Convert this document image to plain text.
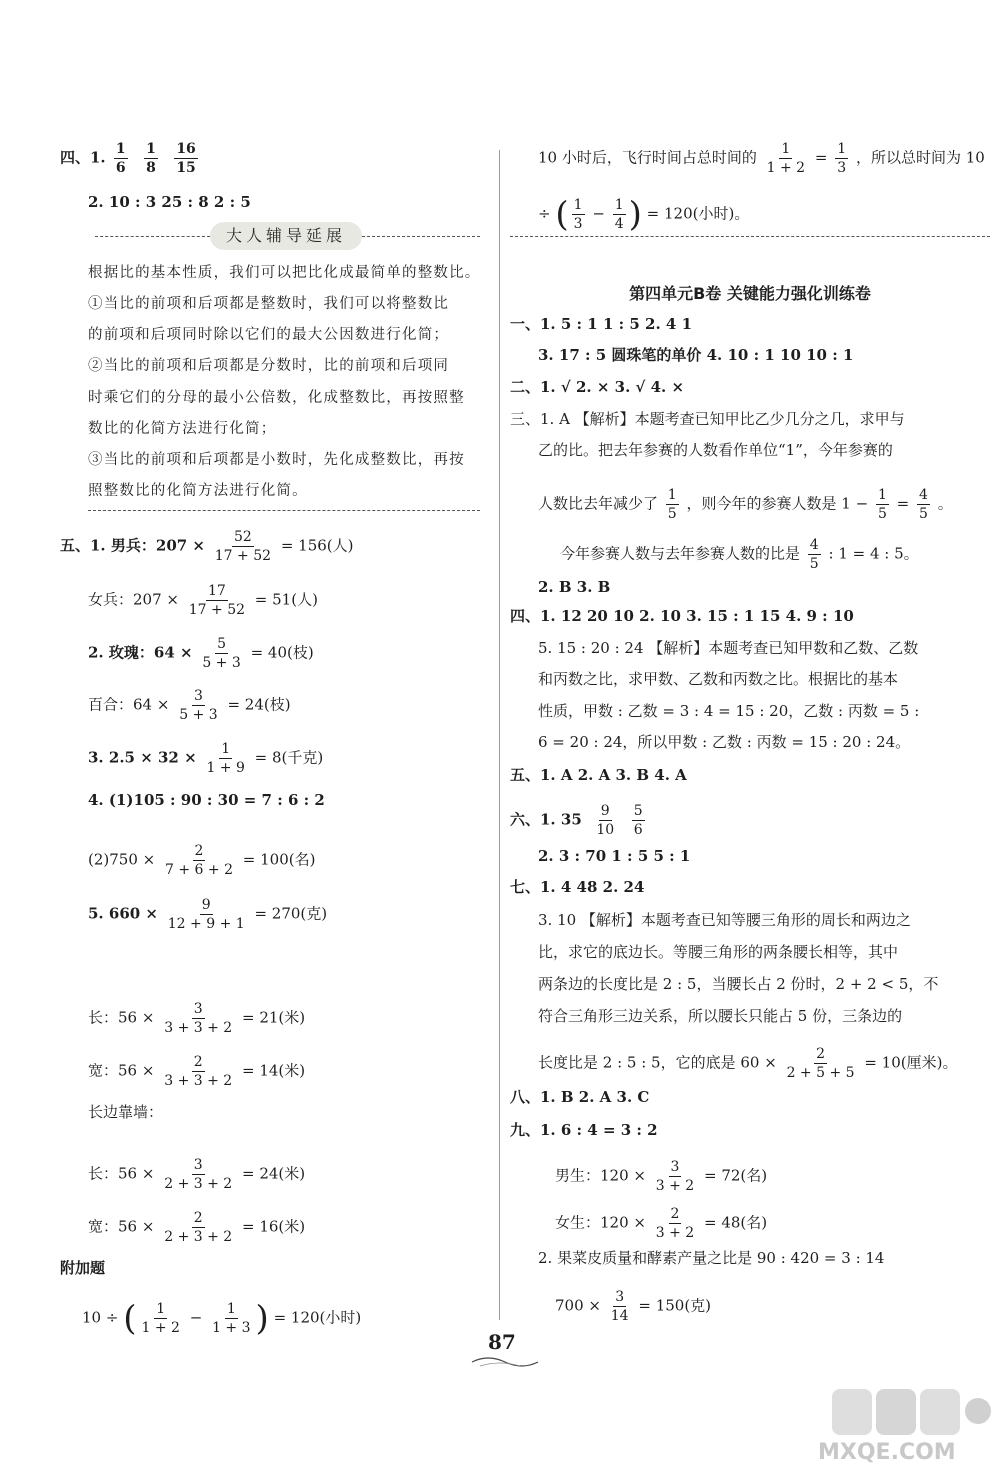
四、1. $\frac{1}{6}$
$\frac{1}{8}$
$\frac{16}{15}$
2. 10 : 3 25 : 8 2 : 5
大人辅导延展
根据比的基本性质，我们可以把比化成最简单的整数比。
①当比的前项和后项都是整数时，我们可以将整数比
的前项和后项同时除以它们的最大公因数进行化简；
②当比的前项和后项都是分数时，比的前项和后项同
时乘它们的分母的最小公倍数，化成整数比，再按照整
数比的化简方法进行化简；
③当比的前项和后项都是小数时，先化成整数比，再按
照整数比的化简方法进行化简。
五、1. 男兵：$207 \times \frac{52}{17 + 52} = 156$(人)
女兵：$207 \times \frac{17}{17 + 52} = 51$(人)
2. 玫瑰：$64 \times \frac{5}{5 + 3} = 40$(枝)
百合：$64 \times \frac{3}{5 + 3} = 24$(枝)
3. $2.5 \times 32 \times \frac{1}{1 + 9} = 8$(千克)
4. (1)105 : 90 : 30 = 7 : 6 : 2
$(2)750 \times \frac{2}{7 + 6 + 2} = 100$(名)
5. $660 \times \frac{9}{12 + 9 + 1} = 270$(克)
长：$56 \times \frac{3}{3 + 3 + 2} = 21$(米)
宽：$56 \times \frac{2}{3 + 3 + 2} = 14$(米)
长边靠墙：
长：$56 \times \frac{3}{2 + 3 + 2} = 24$(米)
宽：$56 \times \frac{2}{2 + 3 + 2} = 16$(米)
附加题
10 ÷ ( $\frac{1}{1 + 2} - \frac{1}{1 + 3}$ ) = 120(小时)
10 小时后，飞行时间占总时间的 $\frac{1}{1 + 2} = \frac{1}{3}$ ，所以总时间为 10
÷ ( $\frac{1}{3} - \frac{1}{4}$ ) = 120(小时)。
第四单元B卷 关键能力强化训练卷
一、1. 5 : 1 1 : 5 2. 4 1
3. 17 : 5 圆珠笔的单价 4. 10 : 1 10 10 : 1
二、1. √ 2. × 3. √ 4. ×
三、1. A 【解析】本题考查已知甲比乙少几分之几，求甲与
乙的比。把去年参赛的人数看作单位“1”，今年参赛的
人数比去年减少了 $\frac{1}{5}$ ，则今年的参赛人数是 $1 - \frac{1}{5} = \frac{4}{5}$ 。
今年参赛人数与去年参赛人数的比是 $\frac{4}{5}$ : 1 = 4 : 5。
2. B 3. B
四、1. 12 20 10 2. 10 3. 15 : 1 15 4. 9 : 10
5. 15 : 20 : 24 【解析】本题考查已知甲数和乙数、乙数
和丙数之比，求甲数、乙数和丙数之比。根据比的基本
性质，甲数 : 乙数 = 3 : 4 = 15 : 20，乙数 : 丙数 = 5 :
6 = 20 : 24，所以甲数 : 乙数 : 丙数 = 15 : 20 : 24。
五、1. A 2. A 3. B 4. A
六、1. $35 \frac{9}{10}$
$\frac{5}{6}$
2. 3 : 70 1 : 5 5 : 1
七、1. 4 48 2. 24
3. 10 【解析】本题考查已知等腰三角形的周长和两边之
比，求它的底边长。等腰三角形的两条腰长相等，其中
两条边的长度比是 2 : 5，当腰长占 2 份时，2 + 2 < 5，不
符合三角形三边关系，所以腰长只能占 5 份，三条边的
长度比是 2 : 5 : 5，它的底是 $60 \times \frac{2}{2 + 5 + 5} = 10$(厘米)。
八、1. B 2. A 3. C
九、1. 6 : 4 = 3 : 2
男生：$120 \times \frac{3}{3 + 2} = 72$(名)
女生：$120 \times \frac{2}{3 + 2} = 48$(名)
2. 果菜皮质量和酵素产量之比是 90 : 420 = 3 : 14
$700 \times \frac{3}{14} = 150$(克)
87
MXQE.COM
